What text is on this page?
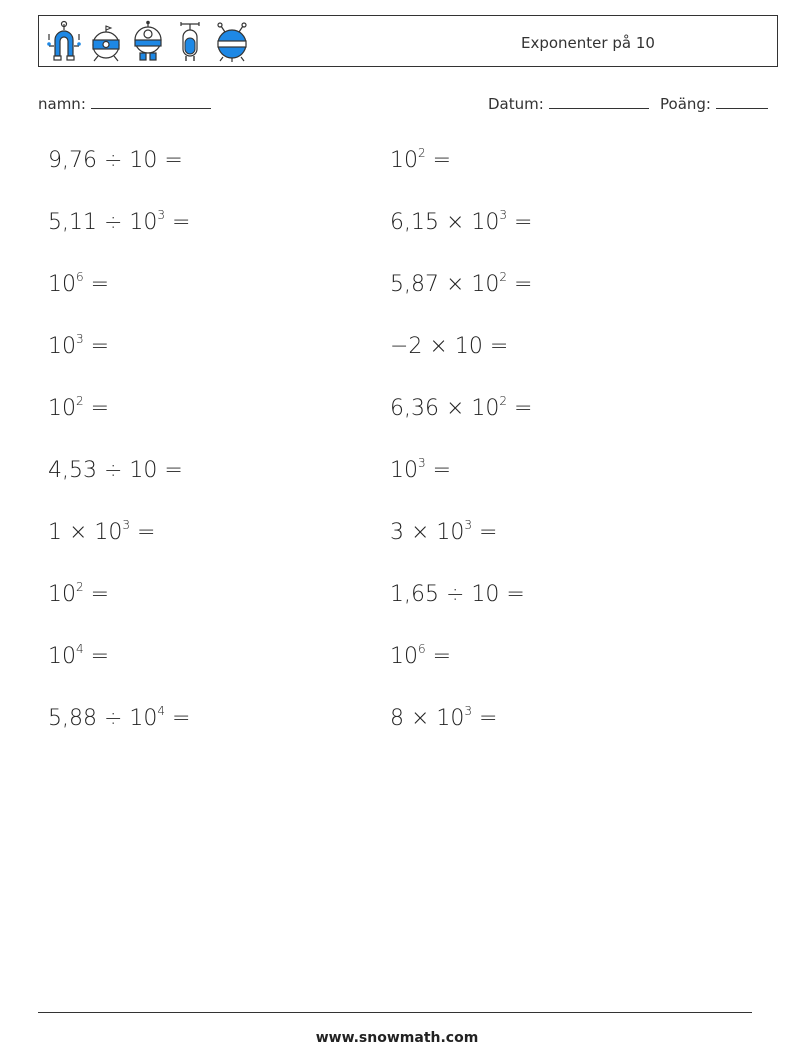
Exponenter på 10
namn:	Datum:	Poäng:
9,76 ÷ 10 =	$10^2$ =
$5,11 \div 10^3$ =	$6,15 \times 10^3$ =
$10^6$ =	$5,87 \times 10^2$ =
$10^3$ =	−2 × 10 =
$10^2$ =	$6,36 \times 10^2$ =
4,53 ÷ 10 =	$10^3$ =
$1 \times 10^3$ =	$3 \times 10^3$ =
$10^2$ =	1,65 ÷ 10 =
$10^4$ =	$10^6$ =
$5,88 \div 10^4$ =	$8 \times 10^3$ =
www.snowmath.com
